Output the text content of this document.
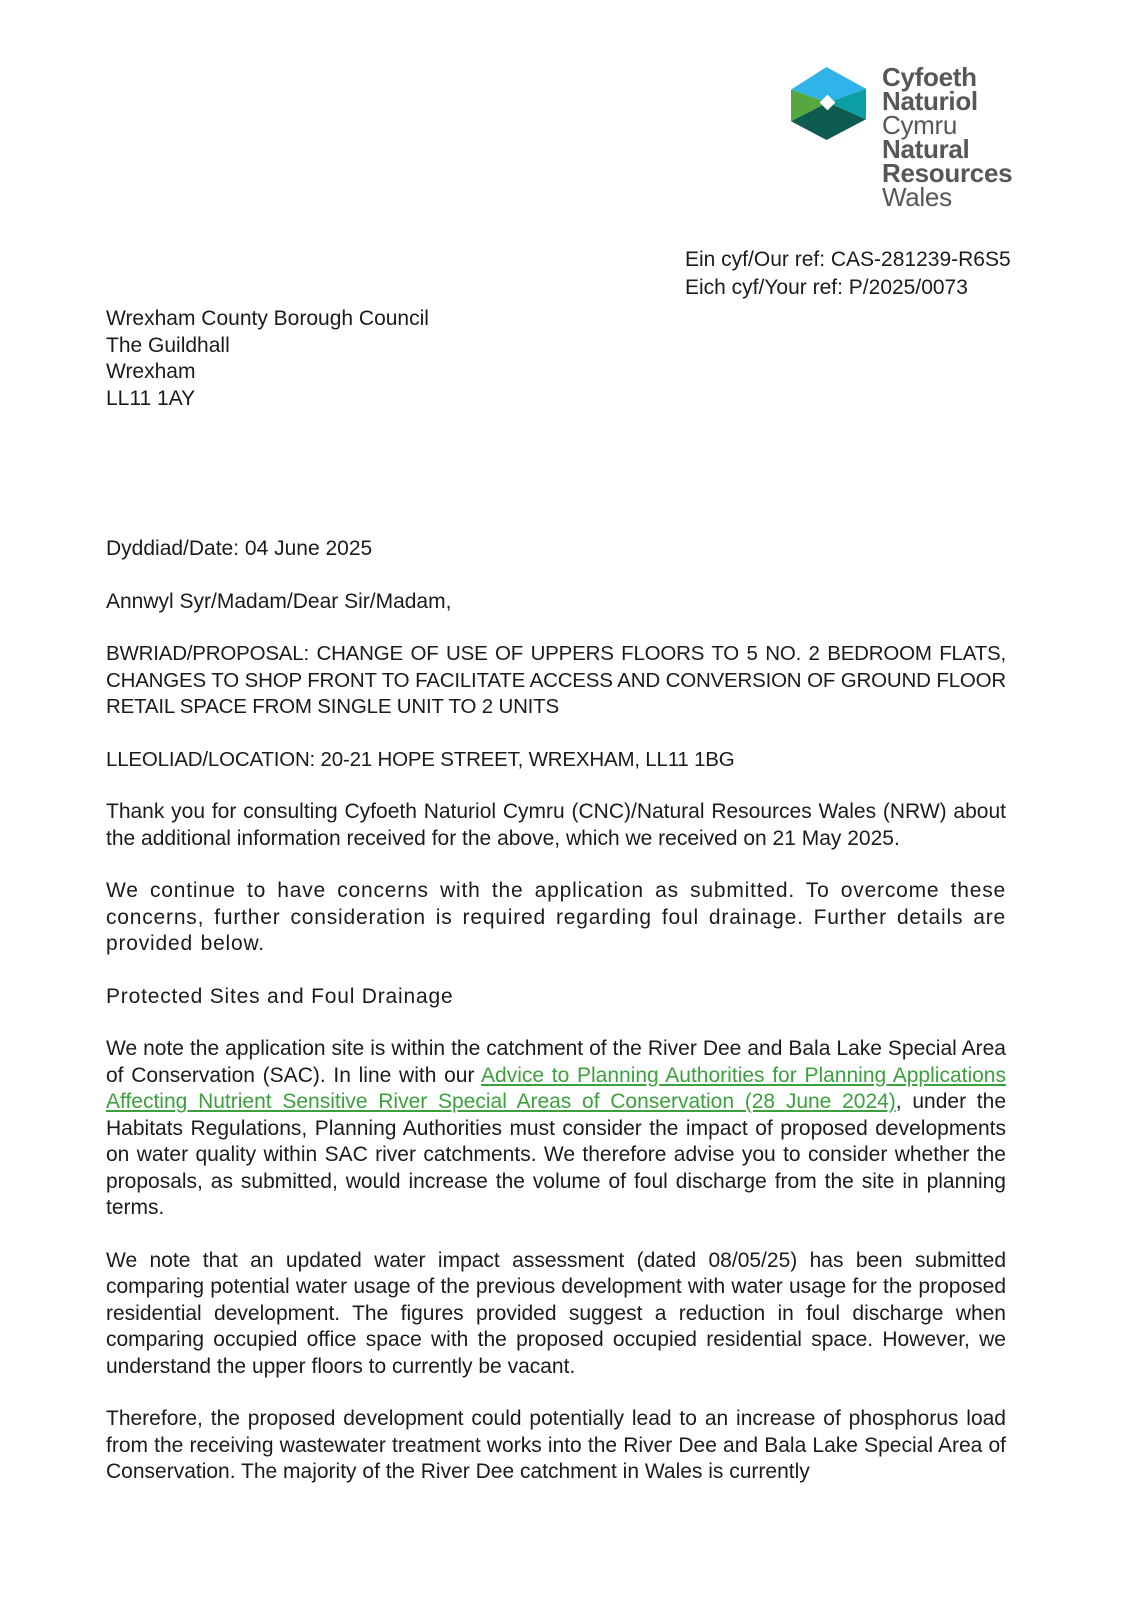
Cyfoeth
Naturiol
Cymru
Natural
Resources
Wales
Ein cyf/Our ref: CAS-281239-R6S5
Eich cyf/Your ref: P/2025/0073
Wrexham County Borough Council
The Guildhall
Wrexham
LL11 1AY

Dyddiad/Date: 04 June 2025

Annwyl Syr/Madam/Dear Sir/Madam,

BWRIAD/PROPOSAL: CHANGE OF USE OF UPPERS FLOORS TO 5 NO. 2 BEDROOM FLATS, CHANGES TO SHOP FRONT TO FACILITATE ACCESS AND CONVERSION OF GROUND FLOOR RETAIL SPACE FROM SINGLE UNIT TO 2 UNITS

LLEOLIAD/LOCATION: 20-21 HOPE STREET, WREXHAM, LL11 1BG

Thank you for consulting Cyfoeth Naturiol Cymru (CNC)/Natural Resources Wales (NRW) about the additional information received for the above, which we received on 21 May 2025.

We continue to have concerns with the application as submitted. To overcome these concerns, further consideration is required regarding foul drainage. Further details are provided below.

Protected Sites and Foul Drainage

We note the application site is within the catchment of the River Dee and Bala Lake Special Area of Conservation (SAC). In line with our Advice to Planning Authorities for Planning Applications Affecting Nutrient Sensitive River Special Areas of Conservation (28 June 2024), under the Habitats Regulations, Planning Authorities must consider the impact of proposed developments on water quality within SAC river catchments. We therefore advise you to consider whether the proposals, as submitted, would increase the volume of foul discharge from the site in planning terms.

We note that an updated water impact assessment (dated 08/05/25) has been submitted comparing potential water usage of the previous development with water usage for the proposed residential development. The figures provided suggest a reduction in foul discharge when comparing occupied office space with the proposed occupied residential space. However, we understand the upper floors to currently be vacant.

Therefore, the proposed development could potentially lead to an increase of phosphorus load from the receiving wastewater treatment works into the River Dee and Bala Lake Special Area of Conservation. The majority of the River Dee catchment in Wales is currently
